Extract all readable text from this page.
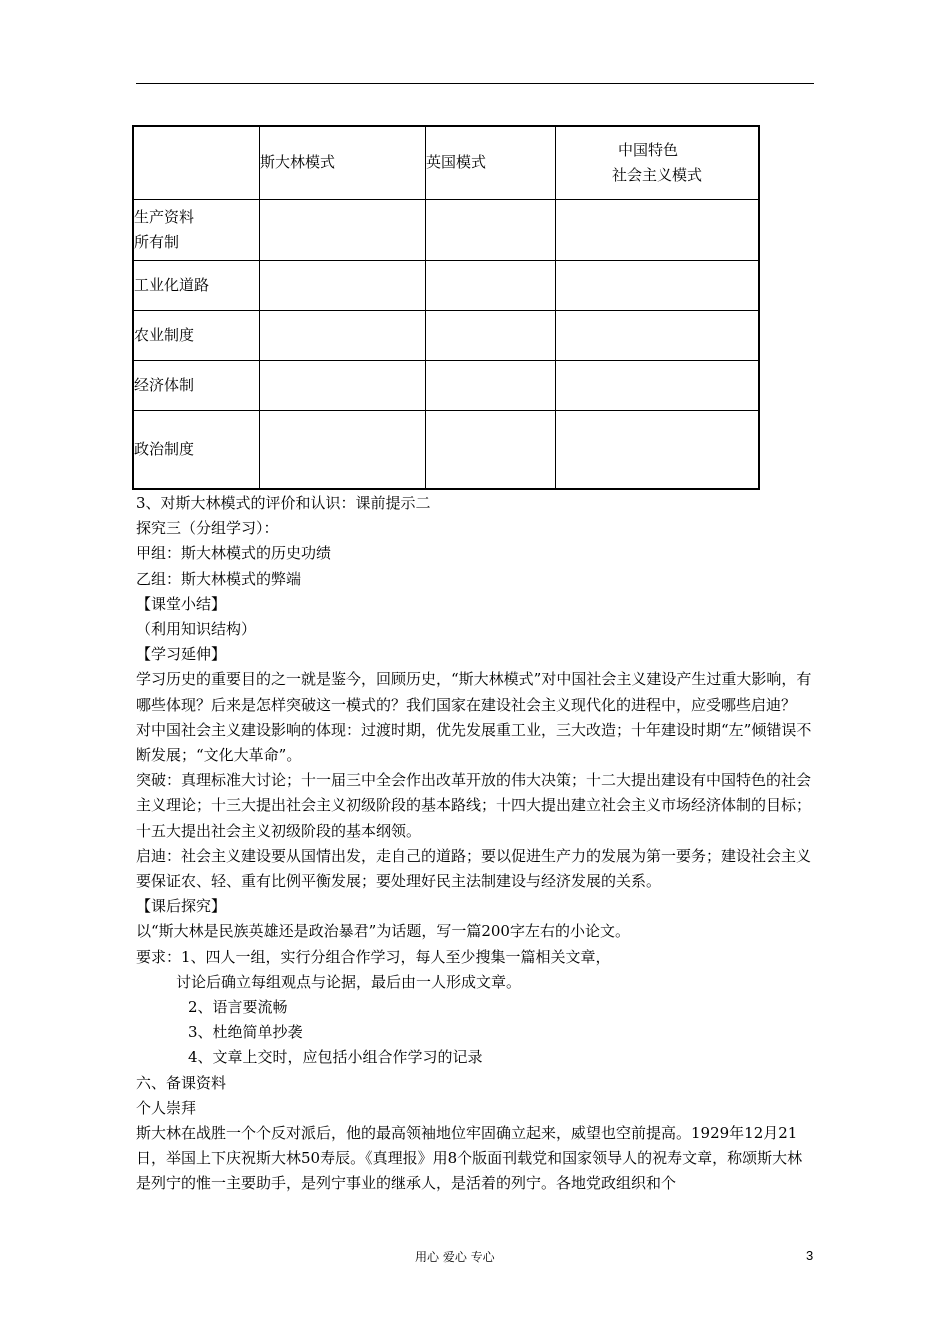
	斯大林模式	英国模式	中国特色
社会主义模式

生产资料
所有制			

工业化道路			
农业制度			
经济体制			
政治制度			

3、对斯大林模式的评价和认识：课前提示二

探究三（分组学习）：

甲组：斯大林模式的历史功绩

乙组：斯大林模式的弊端

【课堂小结】

（利用知识结构）

【学习延伸】

学习历史的重要目的之一就是鉴今，回顾历史，“斯大林模式”对中国社会主义建设产生过重大影响，有哪些体现？后来是怎样突破这一模式的？我们国家在建设社会主义现代化的进程中，应受哪些启迪？

对中国社会主义建设影响的体现：过渡时期，优先发展重工业，三大改造；十年建设时期“左”倾错误不断发展；“文化大革命”。

突破：真理标准大讨论；十一届三中全会作出改革开放的伟大决策；十二大提出建设有中国特色的社会主义理论；十三大提出社会主义初级阶段的基本路线；十四大提出建立社会主义市场经济体制的目标；十五大提出社会主义初级阶段的基本纲领。

启迪：社会主义建设要从国情出发，走自己的道路；要以促进生产力的发展为第一要务；建设社会主义要保证农、轻、重有比例平衡发展；要处理好民主法制建设与经济发展的关系。

【课后探究】

以“斯大林是民族英雄还是政治暴君”为话题，写一篇200字左右的小论文。

要求：1、四人一组，实行分组合作学习，每人至少搜集一篇相关文章，

讨论后确立每组观点与论据，最后由一人形成文章。

2、语言要流畅

3、杜绝简单抄袭

4、文章上交时，应包括小组合作学习的记录

六、备课资料

个人崇拜

斯大林在战胜一个个反对派后，他的最高领袖地位牢固确立起来，威望也空前提高。1929年12月21日，举国上下庆祝斯大林50寿辰。《真理报》用8个版面刊载党和国家领导人的祝寿文章，称颂斯大林是列宁的惟一主要助手，是列宁事业的继承人，是活着的列宁。各地党政组织和个

用心 爱心 专心	3
